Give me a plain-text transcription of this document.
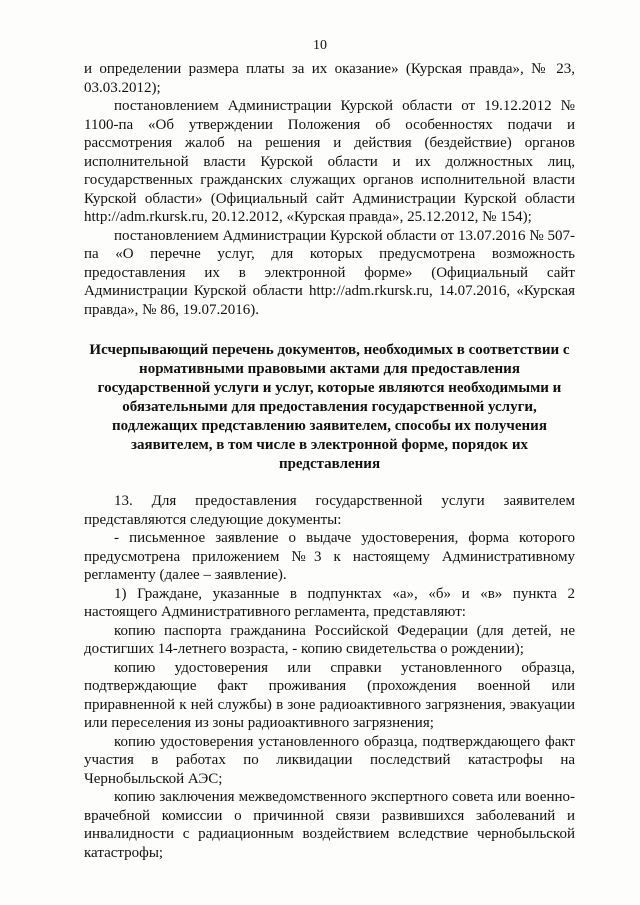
10

и определении размера платы за их оказание» (Курская правда», № 23, 03.03.2012);

постановлением Администрации Курской области от 19.12.2012 № 1100-па «Об утверждении Положения об особенностях подачи и рассмотрения жалоб на решения и действия (бездействие) органов исполнительной власти Курской области и их должностных лиц, государственных гражданских служащих органов исполнительной власти Курской области» (Официальный сайт Администрации Курской области http://adm.rkursk.ru, 20.12.2012, «Курская правда», 25.12.2012, № 154);

постановлением Администрации Курской области от 13.07.2016 № 507-па «О перечне услуг, для которых предусмотрена возможность предоставления их в электронной форме» (Официальный сайт Администрации Курской области http://adm.rkursk.ru, 14.07.2016, «Курская правда», № 86, 19.07.2016).

Исчерпывающий перечень документов, необходимых в соответствии с нормативными правовыми актами для предоставления государственной услуги и услуг, которые являются необходимыми и обязательными для предоставления государственной услуги, подлежащих представлению заявителем, способы их получения заявителем, в том числе в электронной форме, порядок их представления

13. Для предоставления государственной услуги заявителем представляются следующие документы:

- письменное заявление о выдаче удостоверения, форма которого предусмотрена приложением №3 к настоящему Административному регламенту (далее – заявление).

1) Граждане, указанные в подпунктах «а», «б» и «в» пункта 2 настоящего Административного регламента, представляют:

копию паспорта гражданина Российской Федерации (для детей, не достигших 14-летнего возраста, - копию свидетельства о рождении);

копию удостоверения или справки установленного образца, подтверждающие факт проживания (прохождения военной или приравненной к ней службы) в зоне радиоактивного загрязнения, эвакуации или переселения из зоны радиоактивного загрязнения;

копию удостоверения установленного образца, подтверждающего факт участия в работах по ликвидации последствий катастрофы на Чернобыльской АЭС;

копию заключения межведомственного экспертного совета или военно-врачебной комиссии о причинной связи развившихся заболеваний и инвалидности с радиационным воздействием вследствие чернобыльской катастрофы;
